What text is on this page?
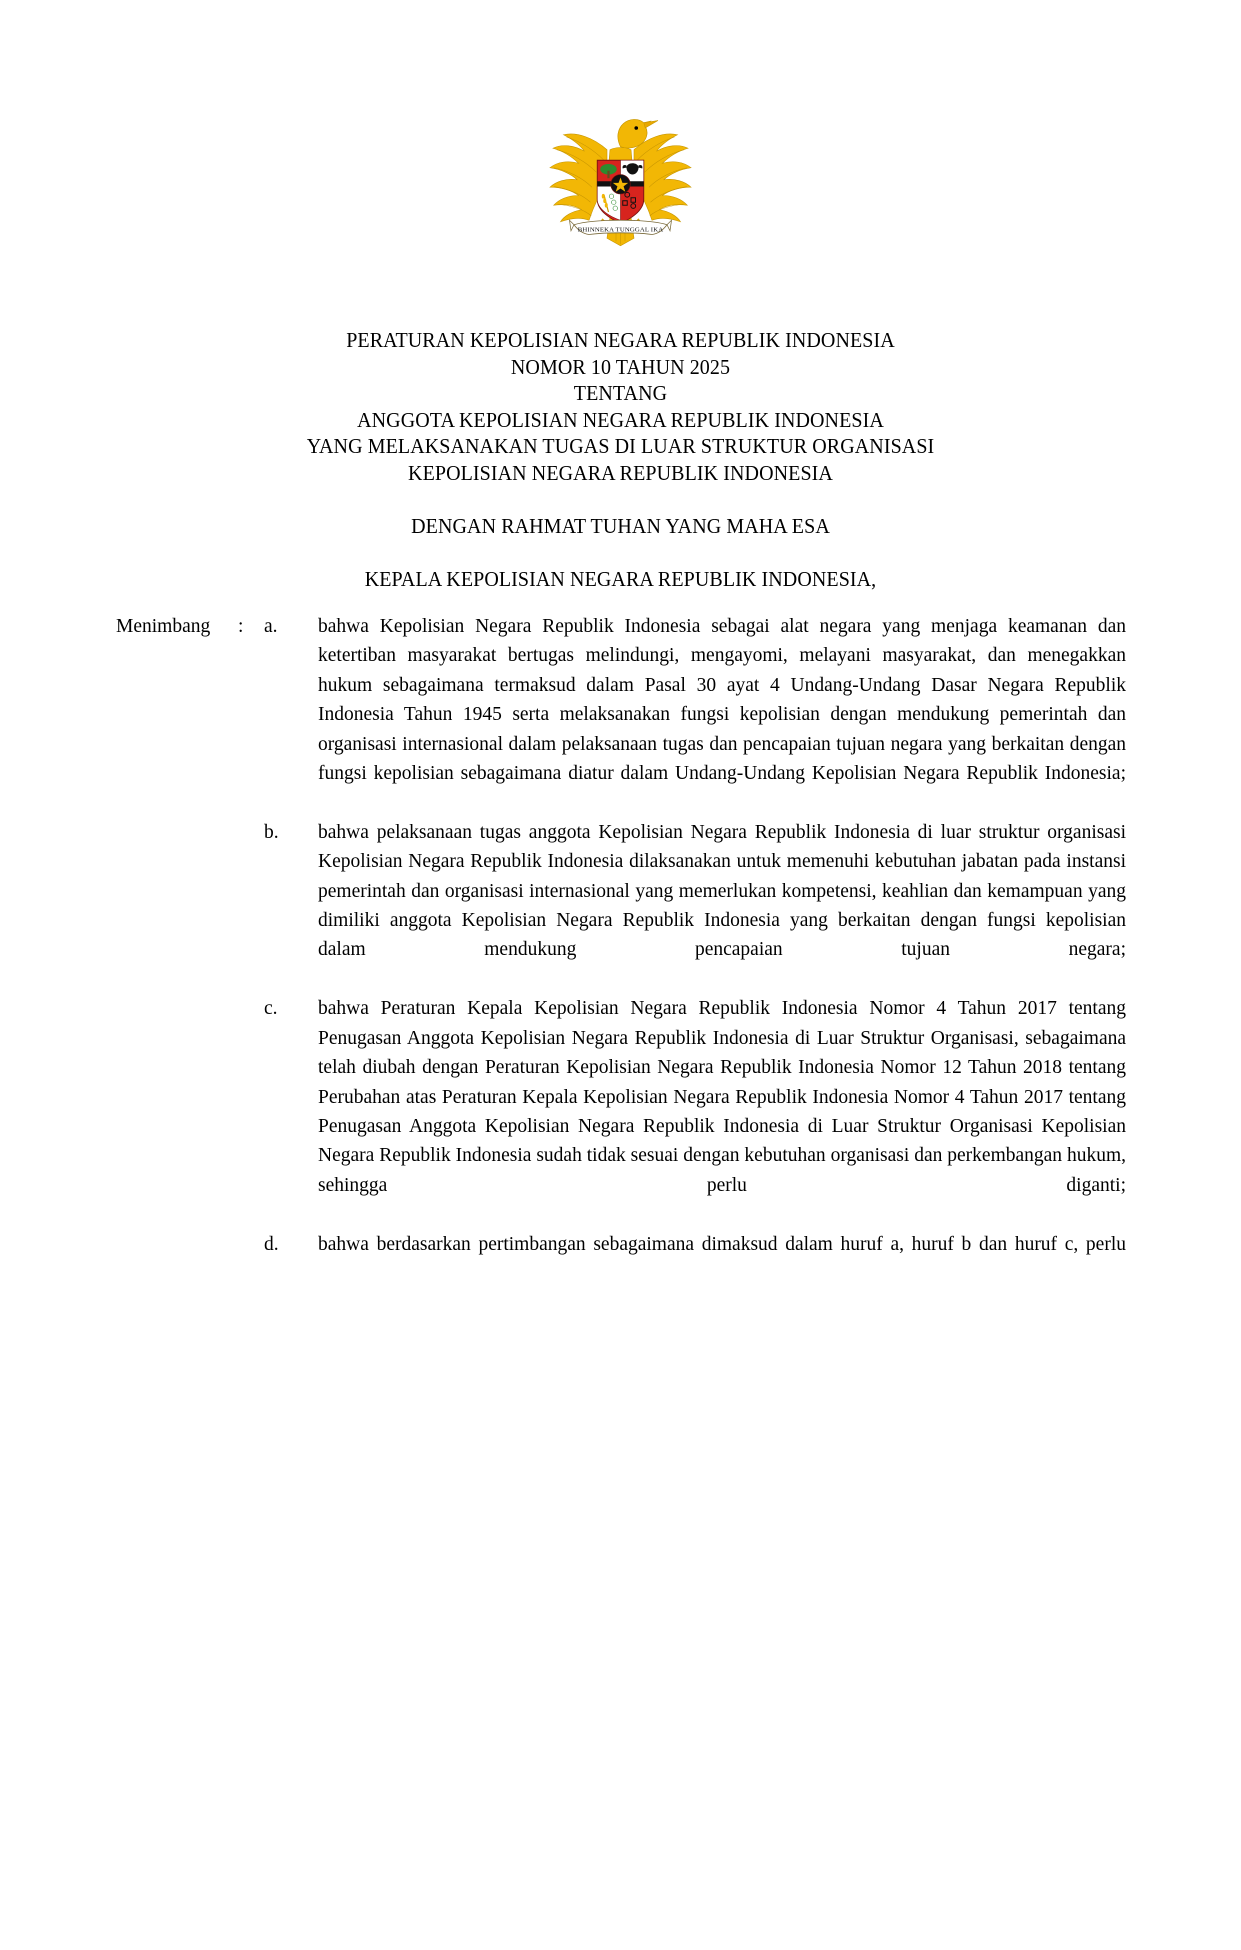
BHINNEKA TUNGGAL IKA
PERATURAN KEPOLISIAN NEGARA REPUBLIK INDONESIA
NOMOR 10 TAHUN 2025
TENTANG
ANGGOTA KEPOLISIAN NEGARA REPUBLIK INDONESIA
YANG MELAKSANAKAN TUGAS DI LUAR STRUKTUR ORGANISASI
KEPOLISIAN NEGARA REPUBLIK INDONESIA
DENGAN RAHMAT TUHAN YANG MAHA ESA
KEPALA KEPOLISIAN NEGARA REPUBLIK INDONESIA,
Menimbang	:	a.	bahwa Kepolisian Negara Republik Indonesia sebagai alat negara yang menjaga keamanan dan ketertiban masyarakat bertugas melindungi, mengayomi, melayani masyarakat, dan menegakkan hukum sebagaimana termaksud dalam Pasal 30 ayat 4 Undang-Undang Dasar Negara Republik Indonesia Tahun 1945 serta melaksanakan fungsi kepolisian dengan mendukung pemerintah dan organisasi internasional dalam pelaksanaan tugas dan pencapaian tujuan negara yang berkaitan dengan fungsi kepolisian sebagaimana diatur dalam Undang-Undang Kepolisian Negara Republik Indonesia;
b.	bahwa pelaksanaan tugas anggota Kepolisian Negara Republik Indonesia di luar struktur organisasi Kepolisian Negara Republik Indonesia dilaksanakan untuk memenuhi kebutuhan jabatan pada instansi pemerintah dan organisasi internasional yang memerlukan kompetensi, keahlian dan kemampuan yang dimiliki anggota Kepolisian Negara Republik Indonesia yang berkaitan dengan fungsi kepolisian dalam mendukung pencapaian tujuan negara;
c.	bahwa Peraturan Kepala Kepolisian Negara Republik Indonesia Nomor 4 Tahun 2017 tentang Penugasan Anggota Kepolisian Negara Republik Indonesia di Luar Struktur Organisasi, sebagaimana telah diubah dengan Peraturan Kepolisian Negara Republik Indonesia Nomor 12 Tahun 2018 tentang Perubahan atas Peraturan Kepala Kepolisian Negara Republik Indonesia Nomor 4 Tahun 2017 tentang Penugasan Anggota Kepolisian Negara Republik Indonesia di Luar Struktur Organisasi Kepolisian Negara Republik Indonesia sudah tidak sesuai dengan kebutuhan organisasi dan perkembangan hukum, sehingga perlu diganti;
d.	bahwa berdasarkan pertimbangan sebagaimana dimaksud dalam huruf a, huruf b dan huruf c, perlu
